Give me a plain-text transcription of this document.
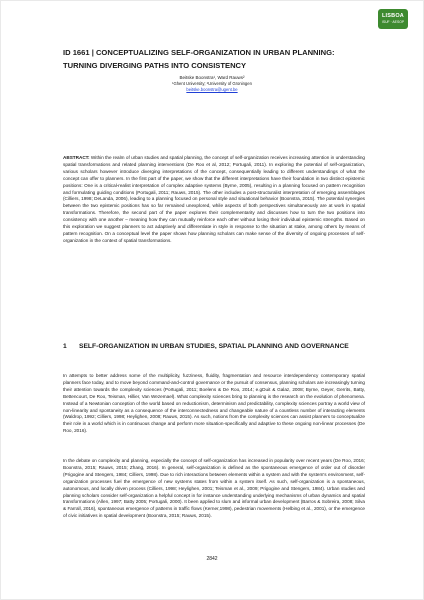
LISBOA
ISUF · AESOP
ID 1661 | CONCEPTUALIZING SELF-ORGANIZATION IN URBAN PLANNING: TURNING DIVERGING PATHS INTO CONSISTENCY
Beitske Boonstra¹, Ward Rauws²
¹Ghent University; ²University of Groningen
beitske.boonstra@ugent.be

ABSTRACT: Within the realm of urban studies and spatial planning, the concept of self-organization receives increasing attention in understanding spatial transformations and related planning interventions (De Roo et al, 2012; Portugali, 2011). In exploring the potential of self-organization, various scholars however introduce diverging interpretations of the concept, consequentially leading to different understandings of what the concept can offer to planners. In the first part of the paper, we show that the different interpretations have their foundation in two distinct epistemic positions: One is a critical-realist interpretation of complex adaptive systems (Byrne, 2005), resulting in a planning focused on pattern recognition and formulating guiding conditions (Portugali, 2011; Rauws, 2015). The other includes a post-structuralist interpretation of emerging assemblages (Cilliers, 1998; DeLanda, 2006), leading to a planning focused on personal style and situational behavior (Boonstra, 2015). The potential synergies between the two epistemic positions has so far remained unexplored, while aspects of both perspectives simultaneously are at work in spatial transformations. Therefore, the second part of the paper explores their complementarity and discusses how to turn the two positions into consistency with one another – meaning how they can mutually reinforce each other without losing their individual epistemic strengths. Based on this exploration we suggest planners to act adaptively and differentiate in style in response to the situation at stake, among others by means of pattern recognition. On a conceptual level the paper shows how planning scholars can make sense of the diversity of ongoing processes of self-organization in the context of spatial transformations.

1 SELF-ORGANIZATION IN URBAN STUDIES, SPATIAL PLANNING AND GOVERNANCE

In attempts to better address some of the multiplicity, fuzziness, fluidity, fragmentation and resource interdependency contemporary spatial planners face today, and to move beyond command-and-control governance or the pursuit of consensus, planning scholars are increasingly turning their attention towards the complexity sciences (Portugali, 2011; Boelens & De Roo, 2014; e.gDuit & Galaz, 2008; Byrne, Geyer, Gerrits, Batty, Bettencourt, De Roo, Teisman, Hillier, Van Wezemael). What complexity sciences bring to planning is the research on the evolution of phenomena. Instead of a Newtonian conception of the world based on reductionism, determinism and predictability, complexity sciences portray a world view of non-linearity and spontaneity as a consequence of the interconnectedness and changeable nature of a countless number of interacting elements (Waldrop, 1992; Cilliers, 1998; Heylighen, 2008; Rauws, 2015). As such, notions from the complexity sciences can assist planners to conceptualize their role in a world which is in continuous change and perform more situation-specifically and adaptive to these ongoing non-linear processes (De Roo, 2016).

In the debate on complexity and planning, especially the concept of self-organization has increased in popularity over recent years (De Roo, 2016; Boonstra, 2015; Rauws, 2015; Zhang, 2016). In general, self-organization is defined as the spontaneous emergence of order out of disorder (Prigogine and Stengers, 1984; Cilliers, 1998). Due to rich interactions between elements within a system and with the system's environment, self-organization processes fuel the emergence of new systems states from within a system itself. As such, self-organization is a spontaneous, autonomous, and locally driven process (Cilliers, 1998; Heylighen, 2001; Teisman et al., 2009; Prigogine and Stengers, 1984). Urban studies and planning scholars consider self-organization a helpful concept in for instance understanding underlying mechanisms of urban dynamics and spatial transformations (Allen, 1997; Batty 2005; Portugali, 2000). It been applied to slum and informal urban development (Barros & Sobreira, 2008; Silva & Farrall, 2016), spontaneous emergence of patterns in traffic flows (Kerner,1998), pedestrian movements (Helbing et al., 2001), or the emergence of civic initiatives in spatial development (Boonstra, 2015; Rauws, 2015).

2842
